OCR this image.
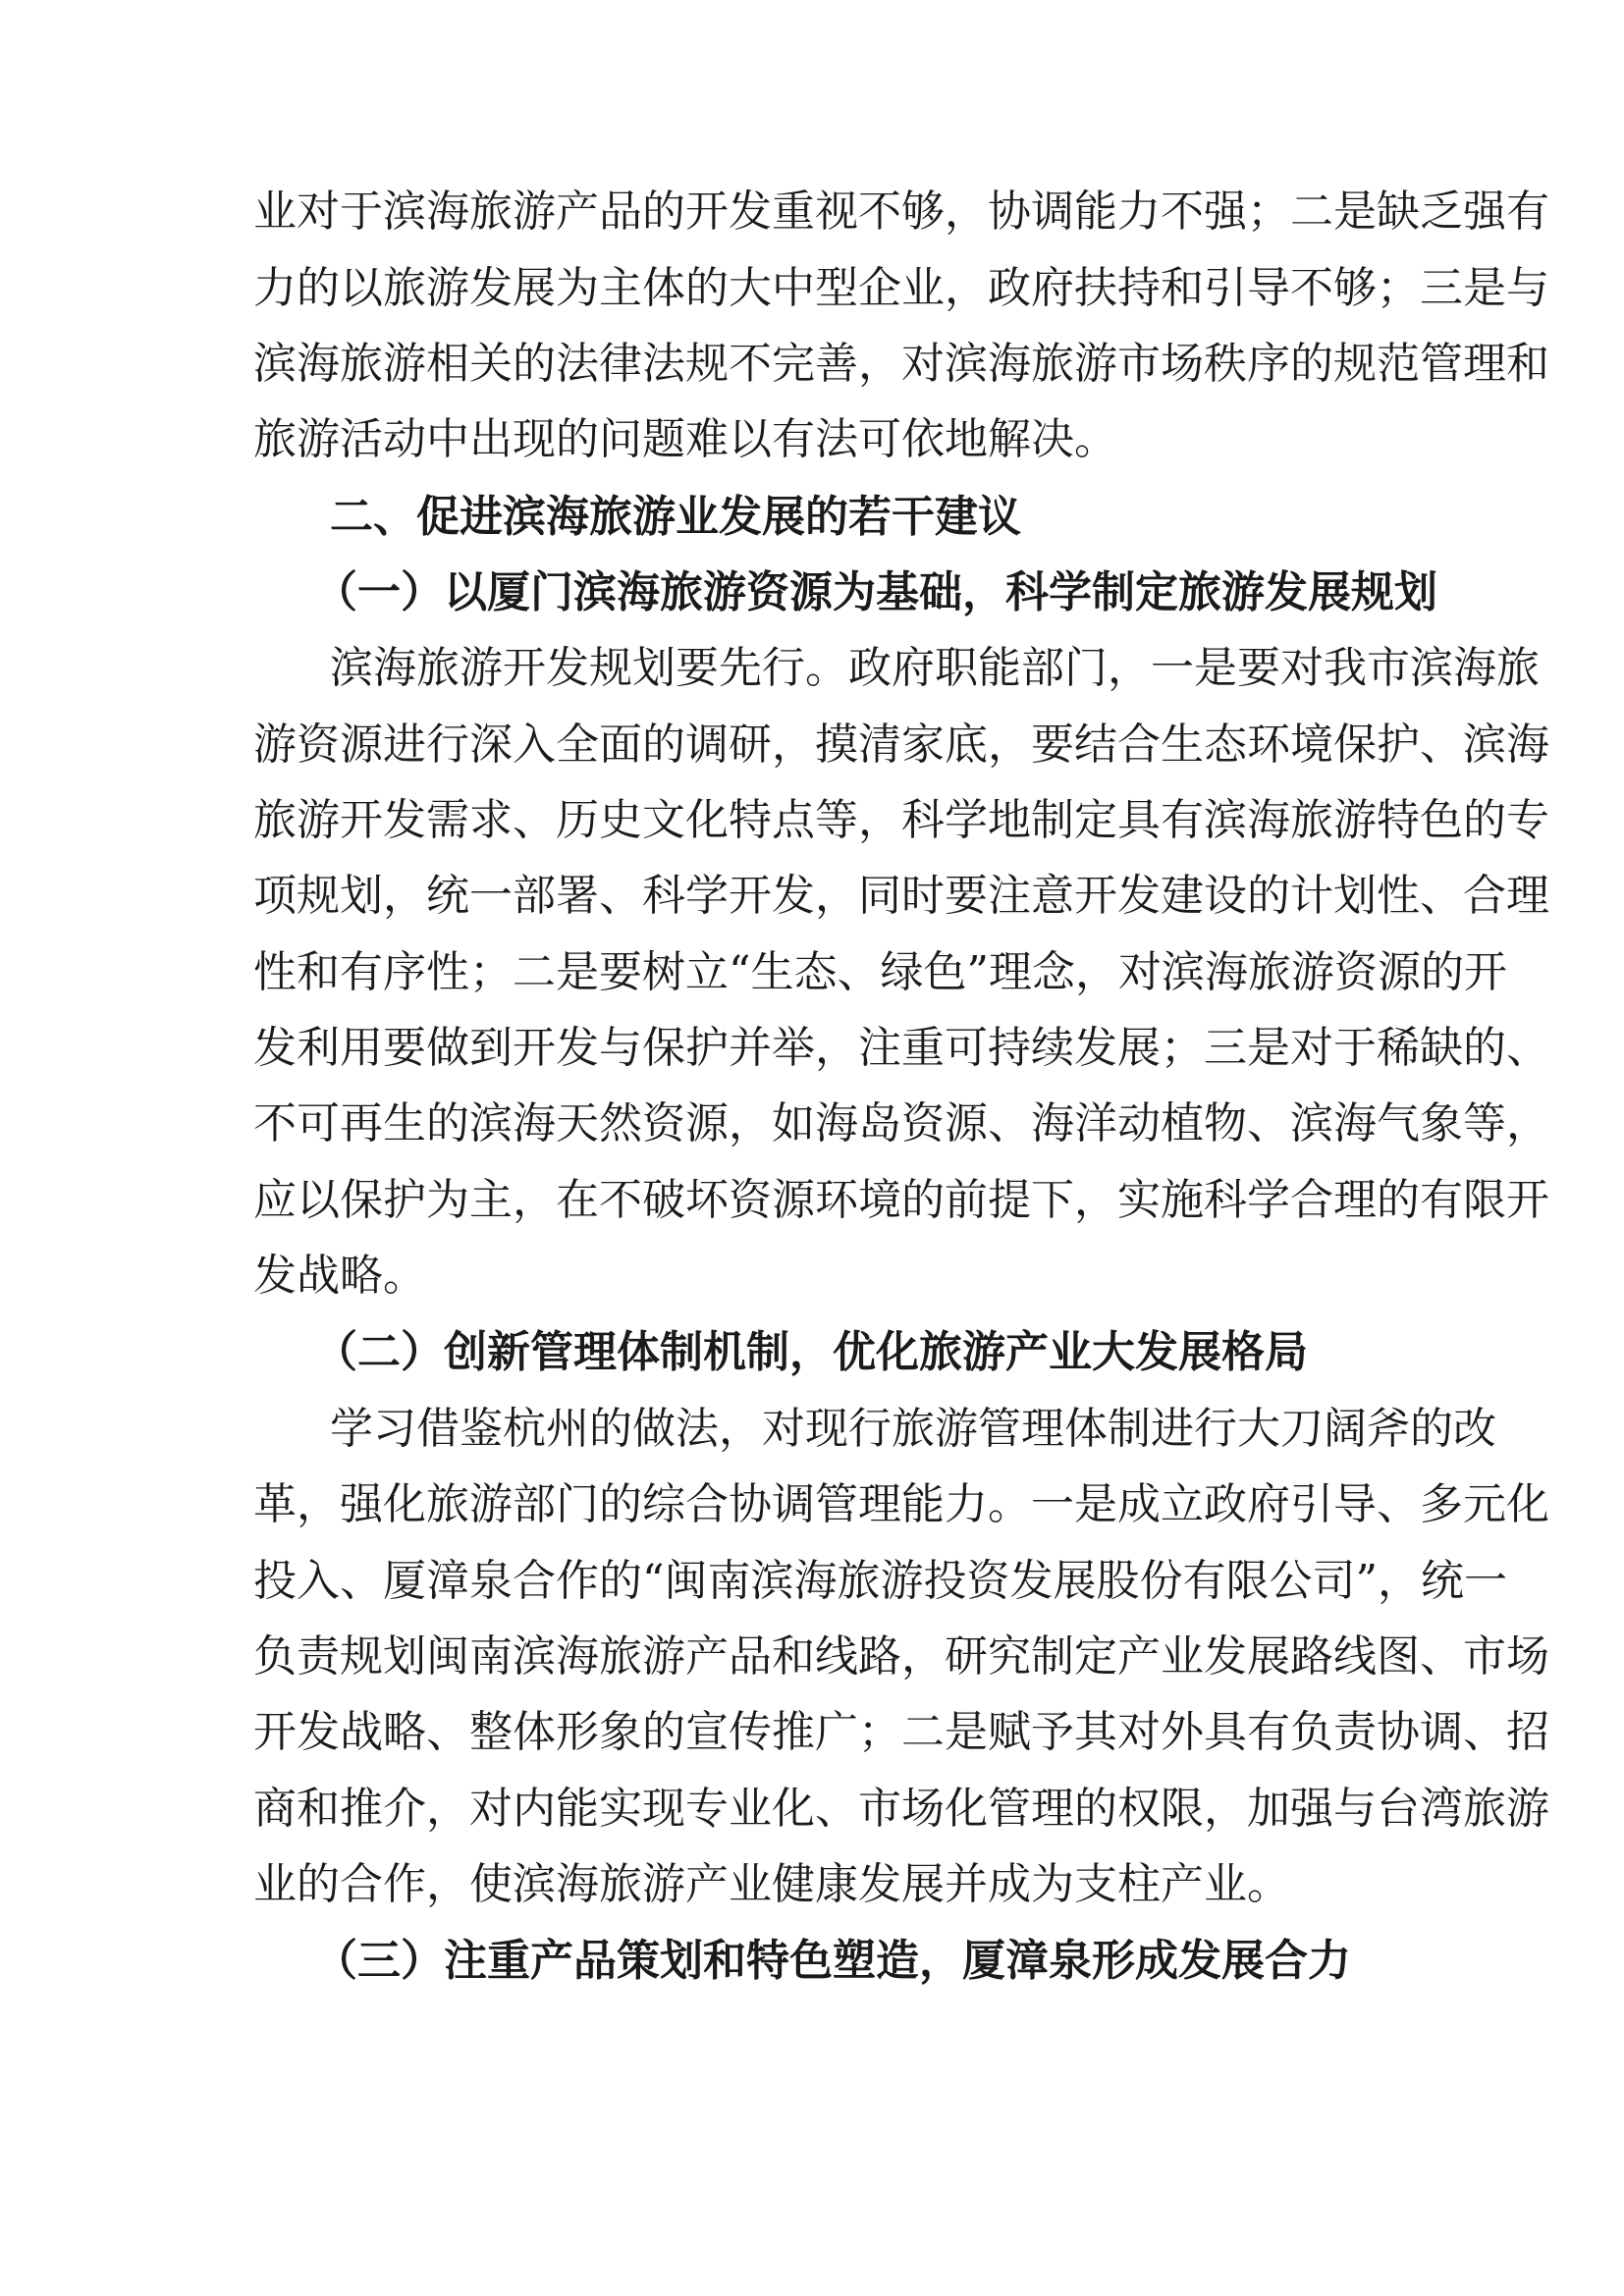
业对于滨海旅游产品的开发重视不够，协调能力不强；二是缺乏强有
力的以旅游发展为主体的大中型企业，政府扶持和引导不够；三是与
滨海旅游相关的法律法规不完善，对滨海旅游市场秩序的规范管理和
旅游活动中出现的问题难以有法可依地解决。
二、促进滨海旅游业发展的若干建议
（一）以厦门滨海旅游资源为基础，科学制定旅游发展规划
滨海旅游开发规划要先行。政府职能部门，一是要对我市滨海旅
游资源进行深入全面的调研，摸清家底，要结合生态环境保护、滨海
旅游开发需求、历史文化特点等，科学地制定具有滨海旅游特色的专
项规划，统一部署、科学开发，同时要注意开发建设的计划性、合理
性和有序性；二是要树立“生态、绿色”理念，对滨海旅游资源的开
发利用要做到开发与保护并举，注重可持续发展；三是对于稀缺的、
不可再生的滨海天然资源，如海岛资源、海洋动植物、滨海气象等，
应以保护为主，在不破坏资源环境的前提下，实施科学合理的有限开
发战略。
（二）创新管理体制机制，优化旅游产业大发展格局
学习借鉴杭州的做法，对现行旅游管理体制进行大刀阔斧的改
革，强化旅游部门的综合协调管理能力。一是成立政府引导、多元化
投入、厦漳泉合作的“闽南滨海旅游投资发展股份有限公司”，统一
负责规划闽南滨海旅游产品和线路，研究制定产业发展路线图、市场
开发战略、整体形象的宣传推广；二是赋予其对外具有负责协调、招
商和推介，对内能实现专业化、市场化管理的权限，加强与台湾旅游
业的合作，使滨海旅游产业健康发展并成为支柱产业。
（三）注重产品策划和特色塑造，厦漳泉形成发展合力
